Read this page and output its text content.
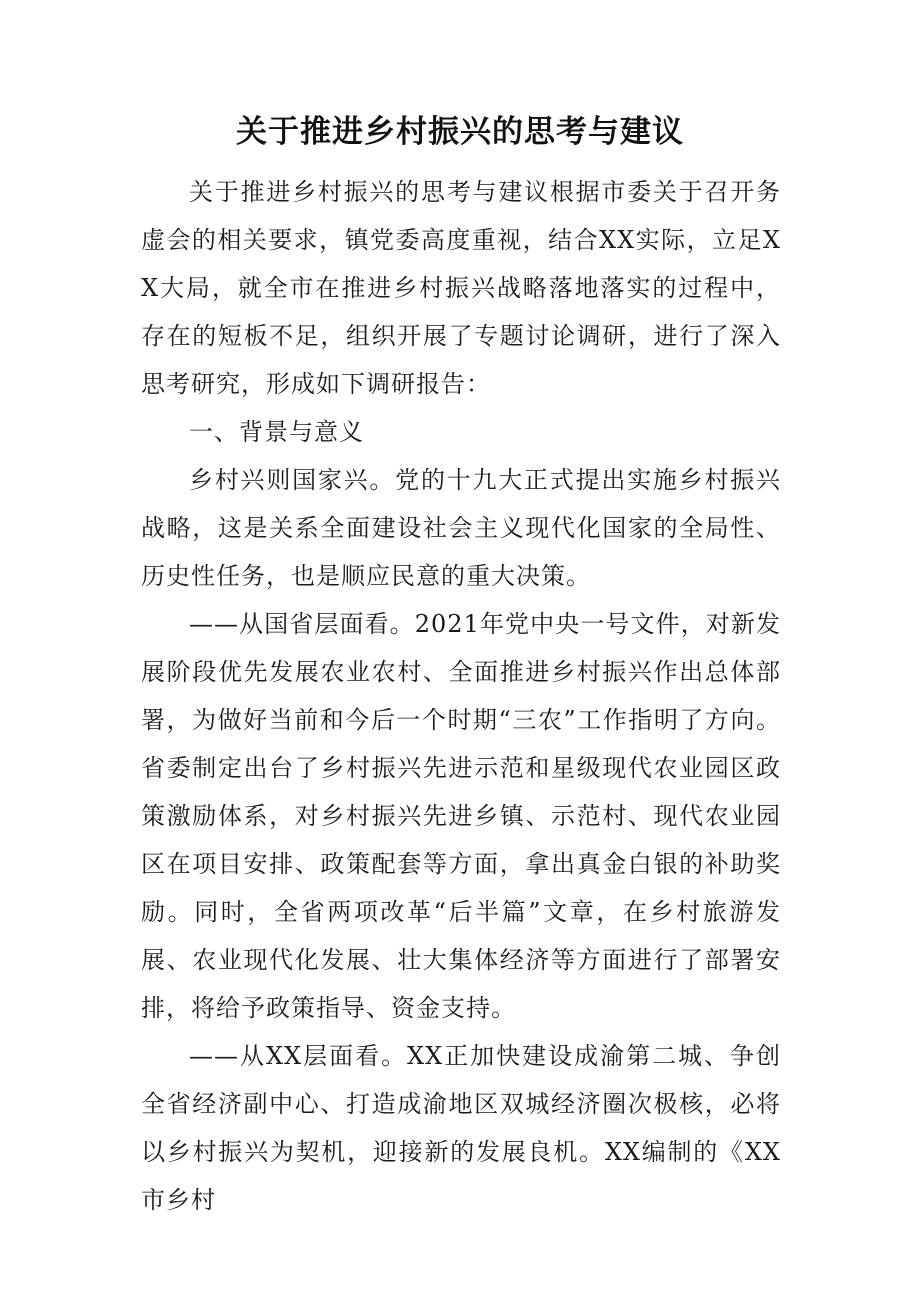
关于推进乡村振兴的思考与建议

关于推进乡村振兴的思考与建议根据市委关于召开务虚会的相关要求，镇党委高度重视，结合XX实际，立足XX大局，就全市在推进乡村振兴战略落地落实的过程中，存在的短板不足，组织开展了专题讨论调研，进行了深入思考研究，形成如下调研报告：

一、背景与意义

乡村兴则国家兴。党的十九大正式提出实施乡村振兴战略，这是关系全面建设社会主义现代化国家的全局性、历史性任务，也是顺应民意的重大决策。

——从国省层面看。2021年党中央一号文件，对新发展阶段优先发展农业农村、全面推进乡村振兴作出总体部署，为做好当前和今后一个时期“三农”工作指明了方向。省委制定出台了乡村振兴先进示范和星级现代农业园区政策激励体系，对乡村振兴先进乡镇、示范村、现代农业园区在项目安排、政策配套等方面，拿出真金白银的补助奖励。同时，全省两项改革“后半篇”文章，在乡村旅游发展、农业现代化发展、壮大集体经济等方面进行了部署安排，将给予政策指导、资金支持。

——从XX层面看。XX正加快建设成渝第二城、争创全省经济副中心、打造成渝地区双城经济圈次极核，必将以乡村振兴为契机，迎接新的发展良机。XX编制的《XX市乡村
